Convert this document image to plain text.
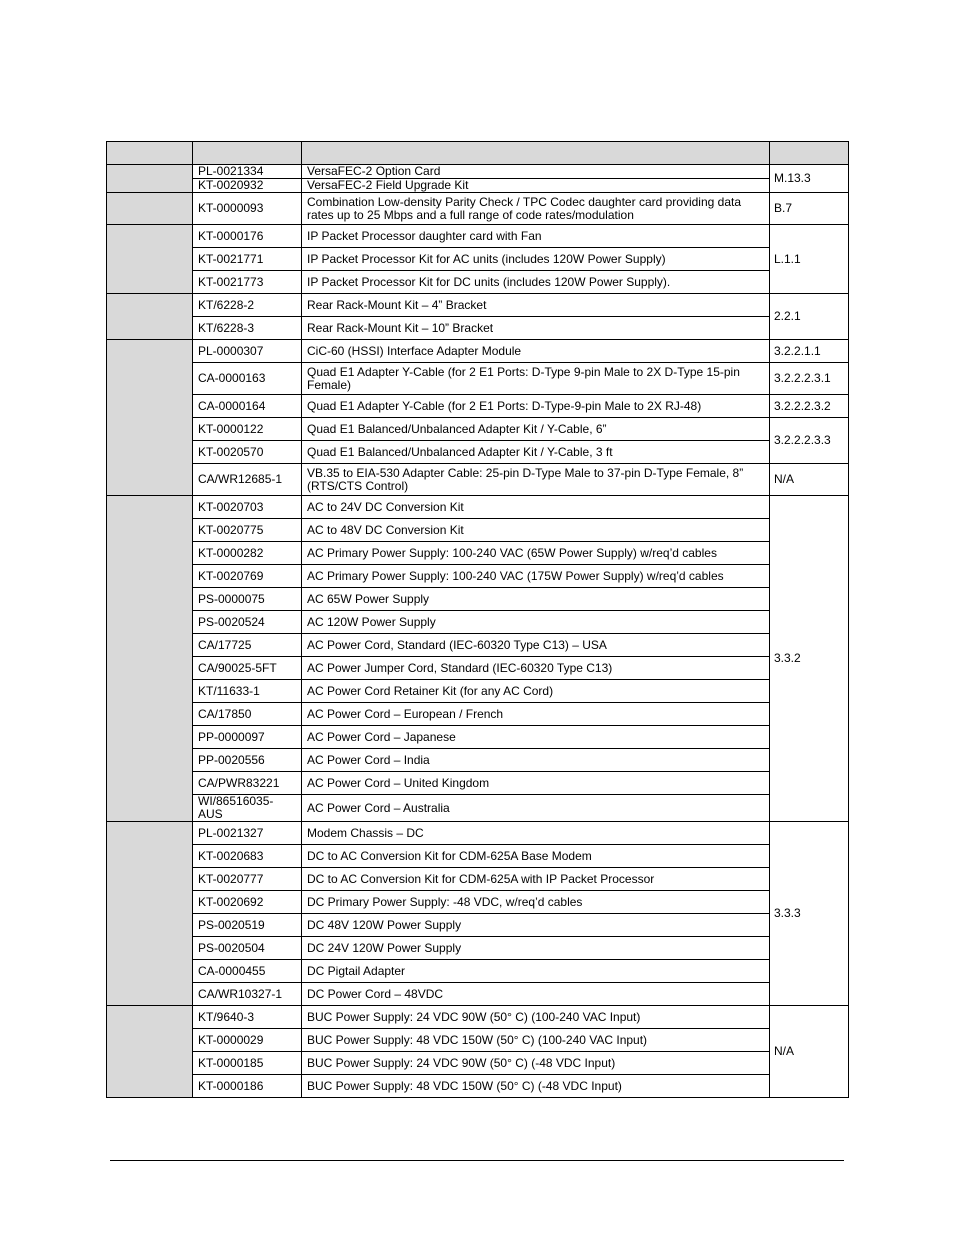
	PL-0021334	VersaFEC-2 Option Card	M.13.3
	KT-0020932	VersaFEC-2 Field Upgrade Kit	
	KT-0000093	Combination Low-density Parity Check / TPC Codec daughter card providing data rates up to 25 Mbps and a full range of code rates/modulation	B.7
	KT-0000176	IP Packet Processor daughter card with Fan	L.1.1
	KT-0021771	IP Packet Processor Kit for AC units (includes 120W Power Supply)	
	KT-0021773	IP Packet Processor Kit for DC units (includes 120W Power Supply).	
	KT/6228-2	Rear Rack-Mount Kit – 4” Bracket	2.2.1
	KT/6228-3	Rear Rack-Mount Kit – 10” Bracket	
	PL-0000307	CiC-60 (HSSI) Interface Adapter Module	3.2.2.1.1
	CA-0000163	Quad E1 Adapter Y-Cable (for 2 E1 Ports: D-Type 9-pin Male to 2X D-Type 15-pin Female)	3.2.2.2.3.1
	CA-0000164	Quad E1 Adapter Y-Cable (for 2 E1 Ports: D-Type-9-pin Male to 2X RJ-48)	3.2.2.2.3.2
	KT-0000122	Quad E1 Balanced/Unbalanced Adapter Kit / Y-Cable, 6”	3.2.2.2.3.3
	KT-0020570	Quad E1 Balanced/Unbalanced Adapter Kit / Y-Cable, 3 ft	
	CA/WR12685-1	VB.35 to EIA-530 Adapter Cable: 25-pin D-Type Male to 37-pin D-Type Female, 8” (RTS/CTS Control)	N/A
	KT-0020703	AC to 24V DC Conversion Kit	3.3.2
	KT-0020775	AC to 48V DC Conversion Kit	
	KT-0000282	AC Primary Power Supply: 100-240 VAC (65W Power Supply) w/req’d cables	
	KT-0020769	AC Primary Power Supply: 100-240 VAC (175W Power Supply) w/req’d cables	
	PS-0000075	AC 65W Power Supply	
	PS-0020524	AC 120W Power Supply	
	CA/17725	AC Power Cord, Standard (IEC-60320 Type C13) – USA	
	CA/90025-5FT	AC Power Jumper Cord, Standard (IEC-60320 Type C13)	
	KT/11633-1	AC Power Cord Retainer Kit (for any AC Cord)	
	CA/17850	AC Power Cord – European / French	
	PP-0000097	AC Power Cord – Japanese	
	PP-0020556	AC Power Cord – India	
	CA/PWR83221	AC Power Cord – United Kingdom	
	WI/86516035-AUS	AC Power Cord – Australia	
	PL-0021327	Modem Chassis – DC	3.3.3
	KT-0020683	DC to AC Conversion Kit for CDM-625A Base Modem	
	KT-0020777	DC to AC Conversion Kit for CDM-625A with IP Packet Processor	
	KT-0020692	DC Primary Power Supply: -48 VDC, w/req’d cables	
	PS-0020519	DC 48V 120W Power Supply	
	PS-0020504	DC 24V 120W Power Supply	
	CA-0000455	DC Pigtail Adapter	
	CA/WR10327-1	DC Power Cord – 48VDC	
	KT/9640-3	BUC Power Supply: 24 VDC 90W (50° C) (100-240 VAC Input)	N/A
	KT-0000029	BUC Power Supply: 48 VDC 150W (50° C) (100-240 VAC Input)	
	KT-0000185	BUC Power Supply: 24 VDC 90W (50° C) (-48 VDC Input)	
	KT-0000186	BUC Power Supply: 48 VDC 150W (50° C) (-48 VDC Input)	
